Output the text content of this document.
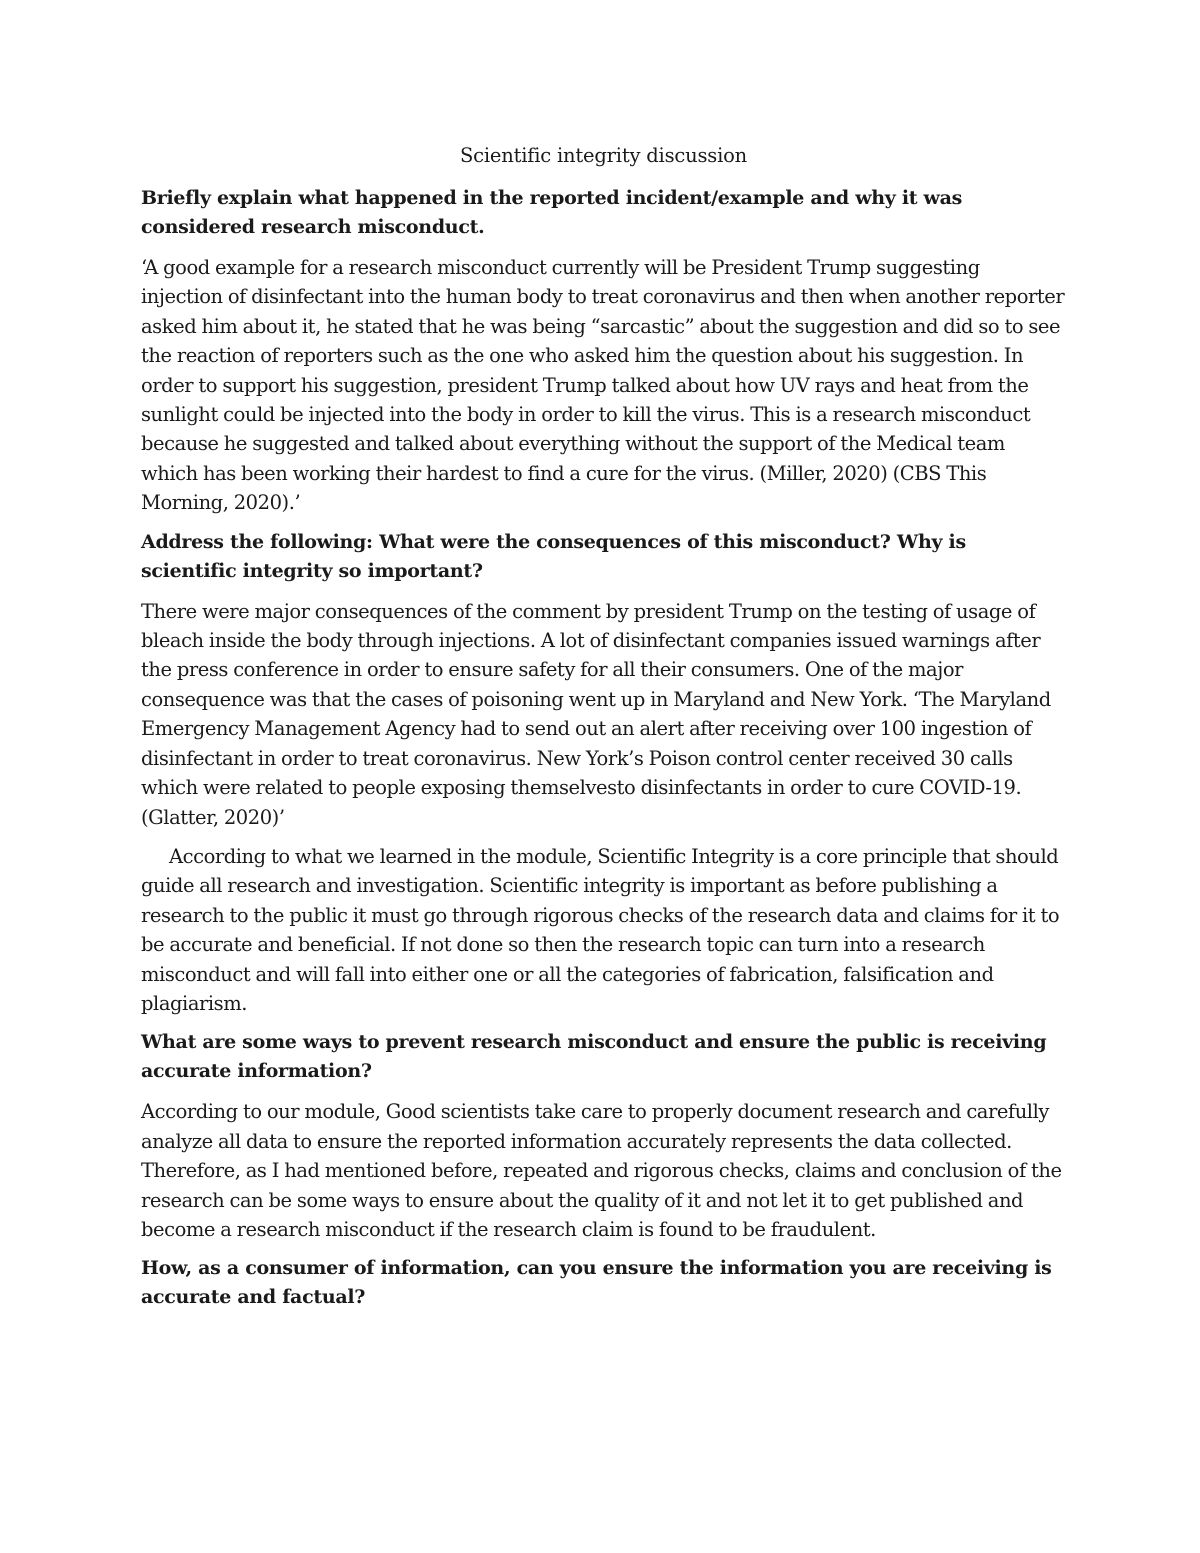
Scientific integrity discussion
Briefly explain what happened in the reported incident/example and why it was considered research misconduct.
‘A good example for a research misconduct currently will be President Trump suggesting injection of disinfectant into the human body to treat coronavirus and then when another reporter asked him about it, he stated that he was being “sarcastic” about the suggestion and did so to see the reaction of reporters such as the one who asked him the question about his suggestion. In order to support his suggestion, president Trump talked about how UV rays and heat from the sunlight could be injected into the body in order to kill the virus. This is a research misconduct because he suggested and talked about everything without the support of the Medical team which has been working their hardest to find a cure for the virus. (Miller, 2020) (CBS This Morning, 2020).’
Address the following: What were the consequences of this misconduct? Why is scientific integrity so important?
There were major consequences of the comment by president Trump on the testing of usage of bleach inside the body through injections. A lot of disinfectant companies issued warnings after the press conference in order to ensure safety for all their consumers. One of the major consequence was that the cases of poisoning went up in Maryland and New York. ‘The Maryland Emergency Management Agency had to send out an alert after receiving over 100 ingestion of disinfectant in order to treat coronavirus. New York’s Poison control center received 30 calls which were related to people exposing themselvesto disinfectants in order to cure COVID-19. (Glatter, 2020)’
According to what we learned in the module, Scientific Integrity is a core principle that should guide all research and investigation. Scientific integrity is important as before publishing a research to the public it must go through rigorous checks of the research data and claims for it to be accurate and beneficial. If not done so then the research topic can turn into a research misconduct and will fall into either one or all the categories of fabrication, falsification and plagiarism.
What are some ways to prevent research misconduct and ensure the public is receiving accurate information?
According to our module, Good scientists take care to properly document research and carefully analyze all data to ensure the reported information accurately represents the data collected. Therefore, as I had mentioned before, repeated and rigorous checks, claims and conclusion of the research can be some ways to ensure about the quality of it and not let it to get published and become a research misconduct if the research claim is found to be fraudulent.
How, as a consumer of information, can you ensure the information you are receiving is accurate and factual?
